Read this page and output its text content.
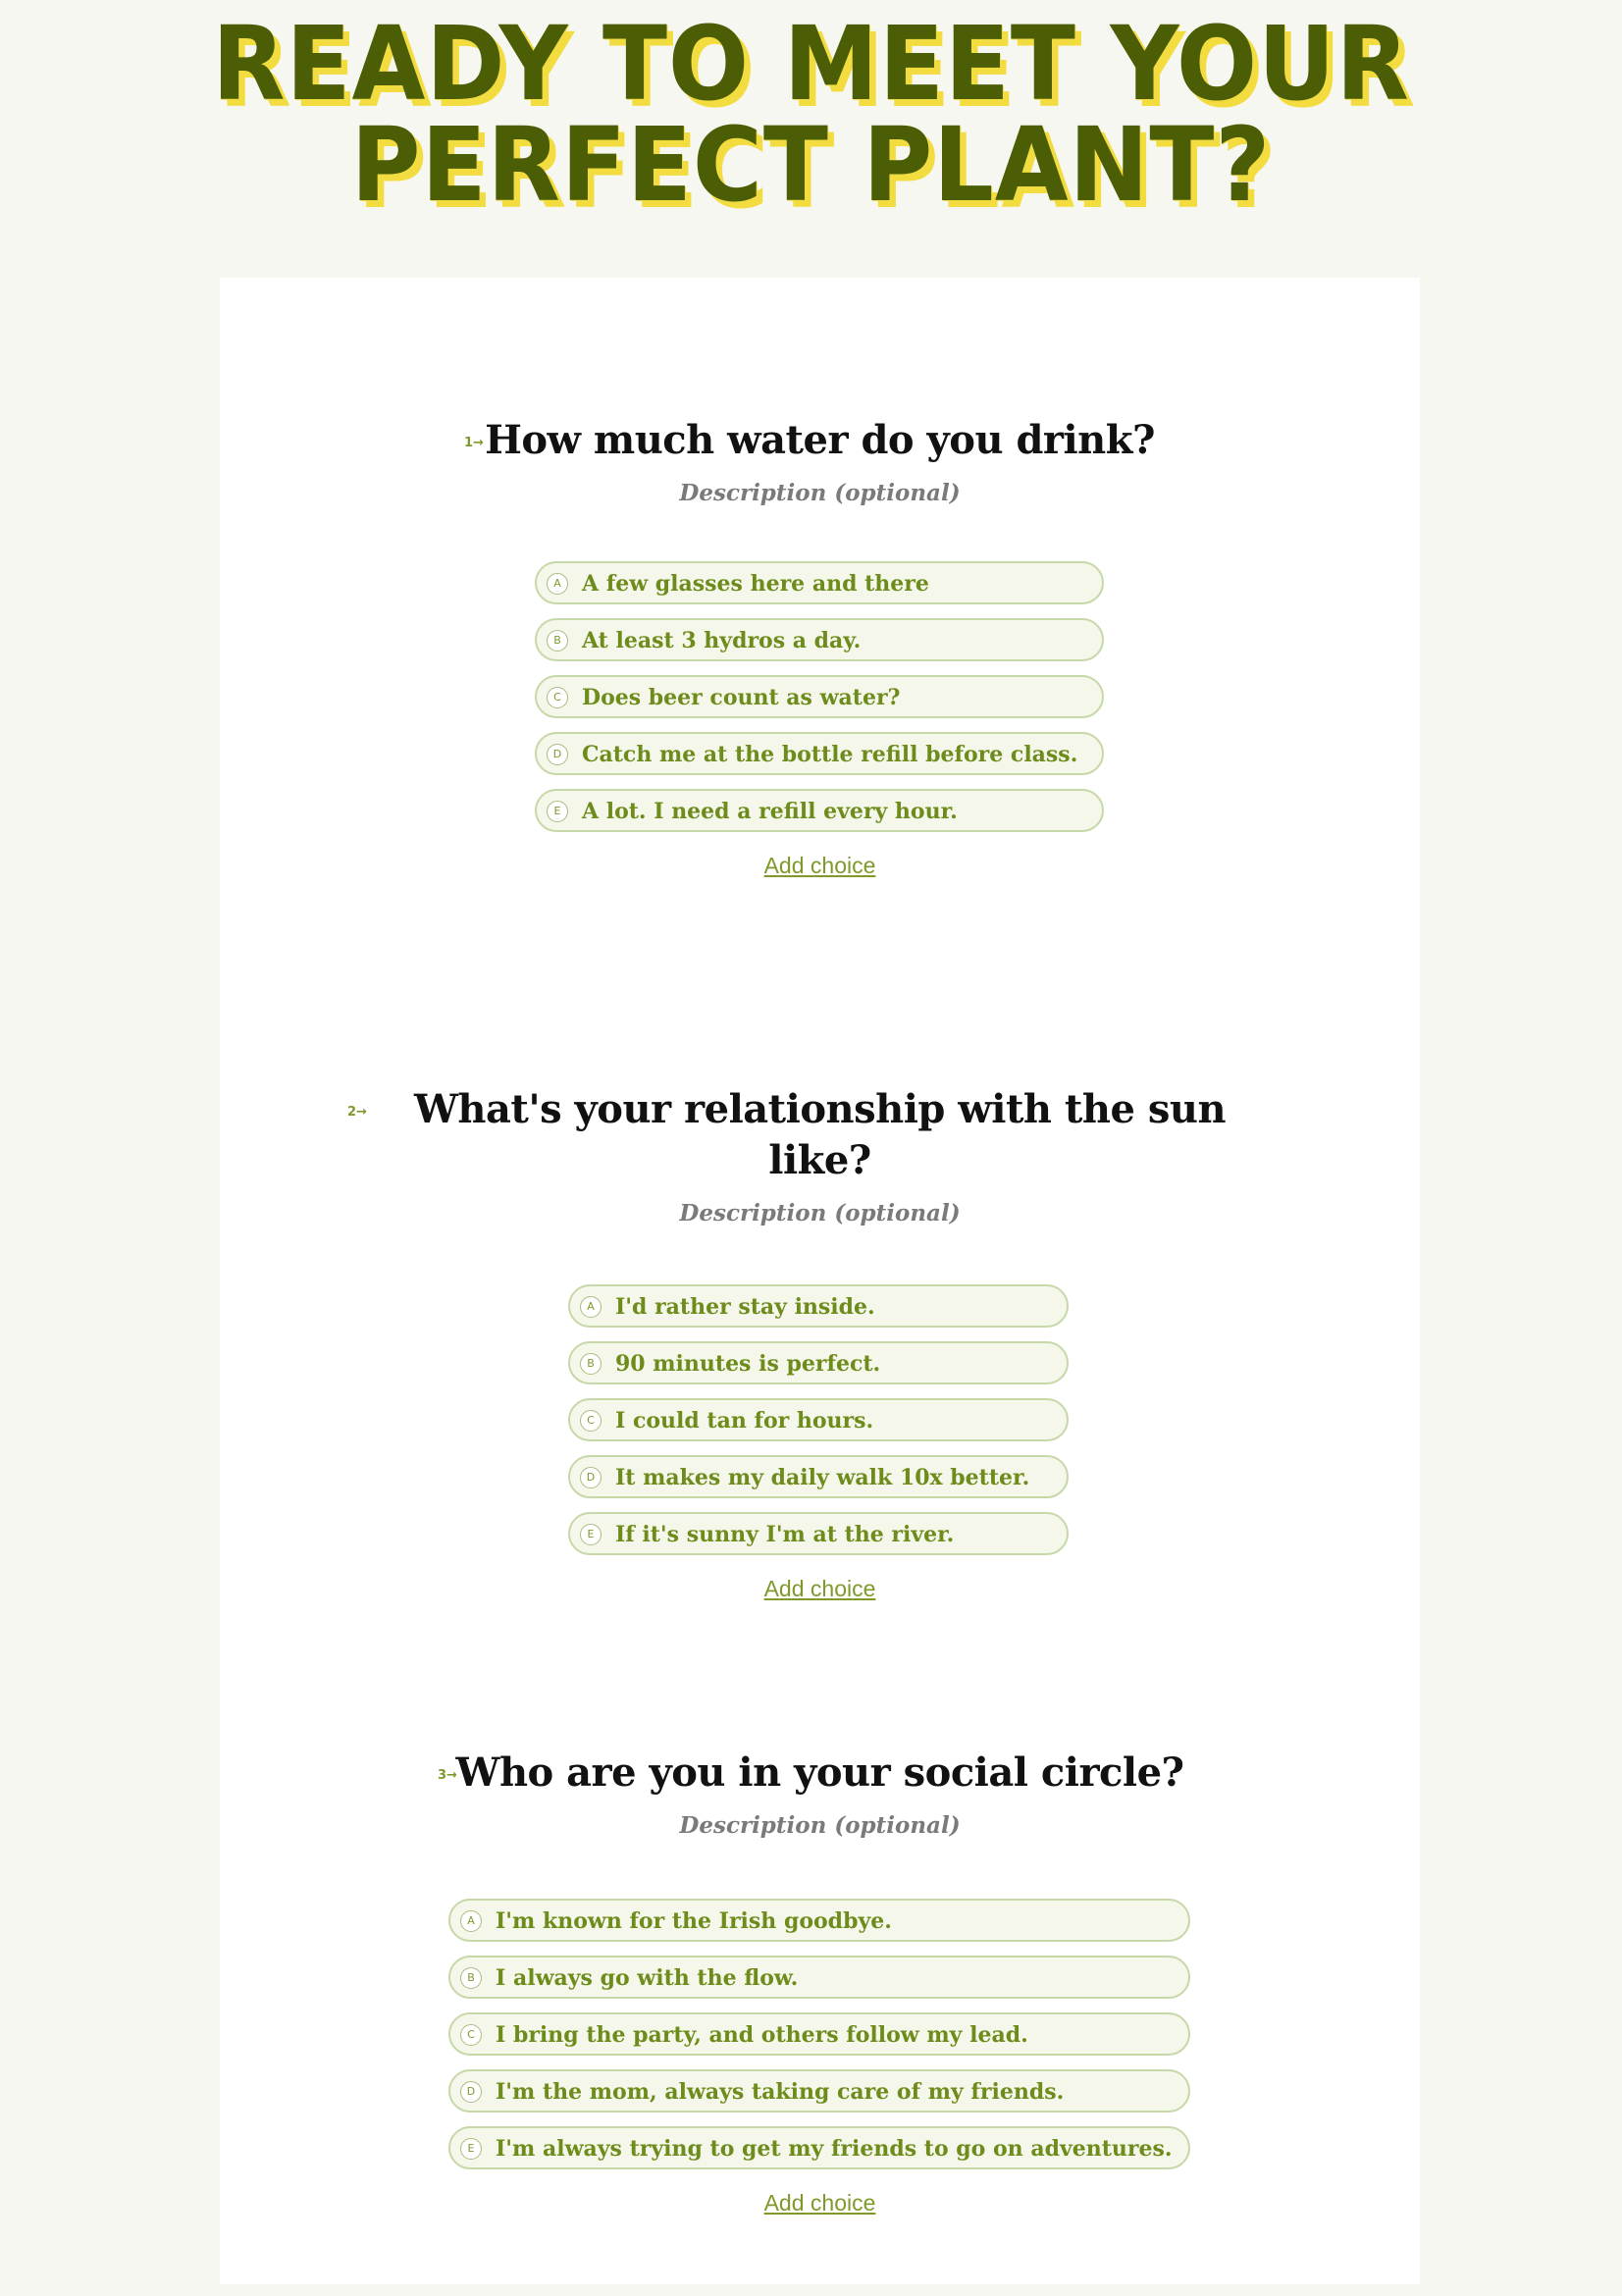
READY TO MEET YOUR
PERFECT PLANT?
1→ How much water do you drink?
Description (optional)
A A few glasses here and there
B At least 3 hydros a day.
C Does beer count as water?
D Catch me at the bottle refill before class.
E A lot. I need a refill every hour.
Add choice
2→	What's your relationship with the sun
like?
Description (optional)
A I'd rather stay inside.
B 90 minutes is perfect.
C I could tan for hours.
D It makes my daily walk 10x better.
E If it's sunny I'm at the river.
Add choice
3→
Who are you in your social circle?
Description (optional)
A I'm known for the Irish goodbye.
B I always go with the flow.
C I bring the party, and others follow my lead.
D I'm the mom, always taking care of my friends.
E I'm always trying to get my friends to go on adventures.
Add choice
